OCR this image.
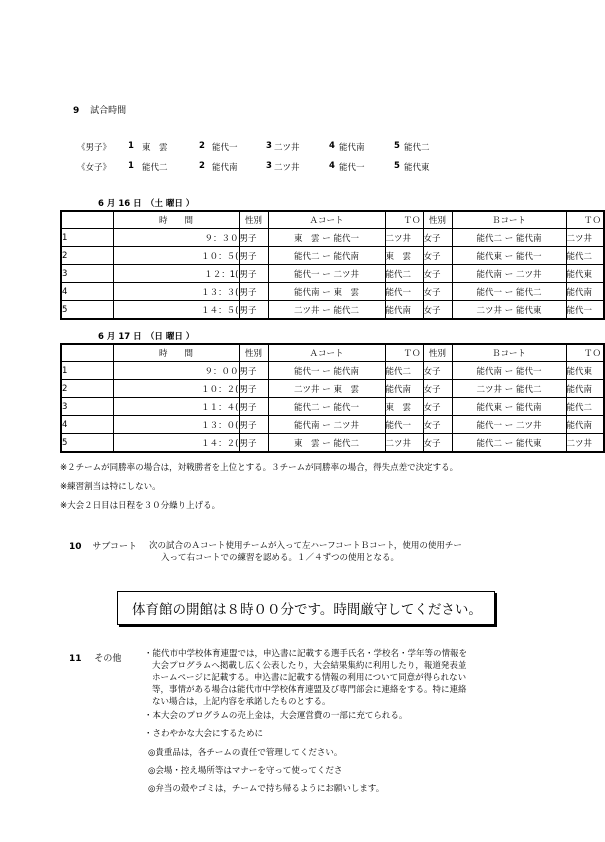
9 試合時間
《男子》 1 東　雲	2 能代一	3 二ツ井	4 能代南	5 能代二
《女子》 1 能代二	2 能代南	3 二ツ井	4 能代一	5 能代東
6 月 16 日　（土 曜日 ）
	時　　間	性別	Ａコート	ＴＯ	性別	Ｂコート	ＴＯ
1	９：３０	男子	東　雲 ー 能代一	二ツ井	女子	能代二 ー 能代南	二ツ井
2	１０：５(	男子	能代二 ー 能代南	東　雲	女子	能代東 ー 能代一	能代二
3	１２：1(	男子	能代一 ー 二ツ井	能代二	女子	能代南 ー 二ツ井	能代東
4	１３：３(	男子	能代南 ー 東　雲	能代一	女子	能代一 ー 能代二	能代南
5	１４：５(	男子	二ツ井 ー 能代二	能代南	女子	二ツ井 ー 能代東	能代一
6 月 17 日　（日 曜日 ）
	時　　間	性別	Ａコート	ＴＯ	性別	Ｂコート	ＴＯ
1	９：００	男子	能代一 ー 能代南	能代二	女子	能代南 ー 能代一	能代東
2	１０：２(	男子	二ツ井 ー 東　雲	能代南	女子	二ツ井 ー 能代二	能代南
3	１１：４(	男子	能代二 ー 能代一	東　雲	女子	能代東 ー 能代南	能代二
4	１３：０(	男子	能代南 ー 二ツ井	能代一	女子	能代一 ー 二ツ井	能代南
5	１４：２(	男子	東　雲 ー 能代二	二ツ井	女子	能代二 ー 能代東	二ツ井
※２チームが同勝率の場合は，対戦勝者を上位とする。３チームが同勝率の場合，得失点差で決定する。
※練習割当は特にしない。
※大会２日目は日程を３０分繰り上げる。
10 サブコート 次の試合のＡコート使用チームが入って左ハーフコートＢコート，使用の使用チー
入って右コートでの練習を認める。１／４ずつの使用となる。
体育館の開館は８時００分です。時間厳守してください。
11 その他	・能代市中学校体育連盟では，申込書に記載する選手氏名・学校名・学年等の情報を
大会プログラムへ掲載し広く公表したり，大会結果集約に利用したり，報道発表並
ホームページに記載する。申込書に記載する情報の利用について同意が得られない
等，事情がある場合は能代市中学校体育連盟及び専門部会に連絡をする。特に連絡
ない場合は，上記内容を承諾したものとする。
・本大会のプログラムの売上金は，大会運営費の一部に充てられる。
・さわやかな大会にするために
◎貴重品は，各チームの責任で管理してください。
◎会場・控え場所等はマナーを守って使ってくださ
◎弁当の殻やゴミは，チームで持ち帰るようにお願いします。
